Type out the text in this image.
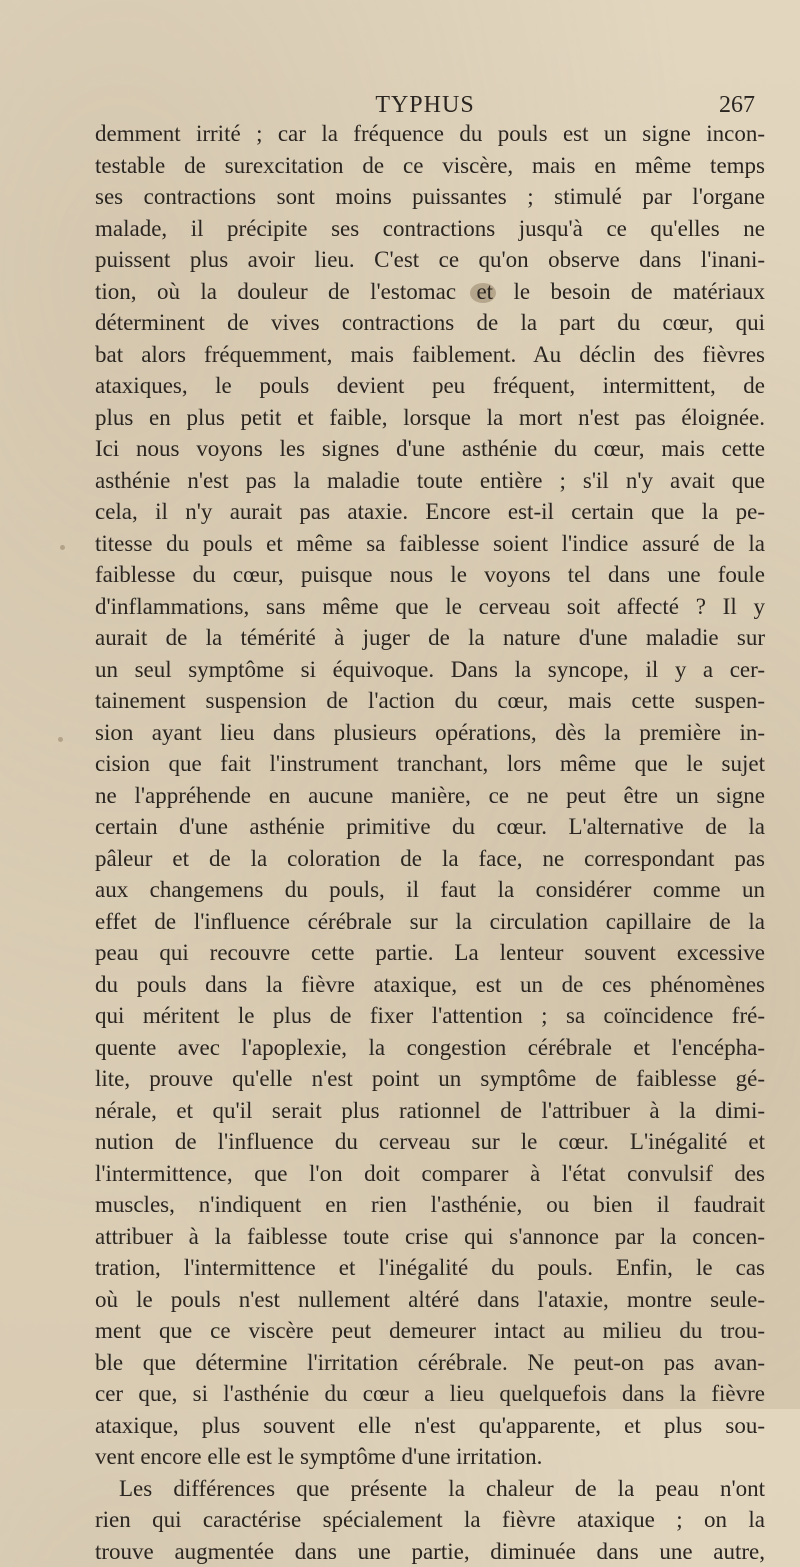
TYPHUS	267
demment irrité ; car la fréquence du pouls est un signe incon-
testable de surexcitation de ce viscère, mais en même temps
ses contractions sont moins puissantes ; stimulé par l'organe
malade, il précipite ses contractions jusqu'à ce qu'elles ne
puissent plus avoir lieu. C'est ce qu'on observe dans l'inani-
tion, où la douleur de l'estomac et le besoin de matériaux
déterminent de vives contractions de la part du cœur, qui
bat alors fréquemment, mais faiblement. Au déclin des fièvres
ataxiques, le pouls devient peu fréquent, intermittent, de
plus en plus petit et faible, lorsque la mort n'est pas éloignée.
Ici nous voyons les signes d'une asthénie du cœur, mais cette
asthénie n'est pas la maladie toute entière ; s'il n'y avait que
cela, il n'y aurait pas ataxie. Encore est-il certain que la pe-
titesse du pouls et même sa faiblesse soient l'indice assuré de la
faiblesse du cœur, puisque nous le voyons tel dans une foule
d'inflammations, sans même que le cerveau soit affecté ? Il y
aurait de la témérité à juger de la nature d'une maladie sur
un seul symptôme si équivoque. Dans la syncope, il y a cer-
tainement suspension de l'action du cœur, mais cette suspen-
sion ayant lieu dans plusieurs opérations, dès la première in-
cision que fait l'instrument tranchant, lors même que le sujet
ne l'appréhende en aucune manière, ce ne peut être un signe
certain d'une asthénie primitive du cœur. L'alternative de la
pâleur et de la coloration de la face, ne correspondant pas
aux changemens du pouls, il faut la considérer comme un
effet de l'influence cérébrale sur la circulation capillaire de la
peau qui recouvre cette partie. La lenteur souvent excessive
du pouls dans la fièvre ataxique, est un de ces phénomènes
qui méritent le plus de fixer l'attention ; sa coïncidence fré-
quente avec l'apoplexie, la congestion cérébrale et l'encépha-
lite, prouve qu'elle n'est point un symptôme de faiblesse gé-
nérale, et qu'il serait plus rationnel de l'attribuer à la dimi-
nution de l'influence du cerveau sur le cœur. L'inégalité et
l'intermittence, que l'on doit comparer à l'état convulsif des
muscles, n'indiquent en rien l'asthénie, ou bien il faudrait
attribuer à la faiblesse toute crise qui s'annonce par la concen-
tration, l'intermittence et l'inégalité du pouls. Enfin, le cas
où le pouls n'est nullement altéré dans l'ataxie, montre seule-
ment que ce viscère peut demeurer intact au milieu du trou-
ble que détermine l'irritation cérébrale. Ne peut-on pas avan-
cer que, si l'asthénie du cœur a lieu quelquefois dans la fièvre
ataxique, plus souvent elle n'est qu'apparente, et plus sou-
vent encore elle est le symptôme d'une irritation.
Les différences que présente la chaleur de la peau n'ont
rien qui caractérise spécialement la fièvre ataxique ; on la
trouve augmentée dans une partie, diminuée dans une autre,
